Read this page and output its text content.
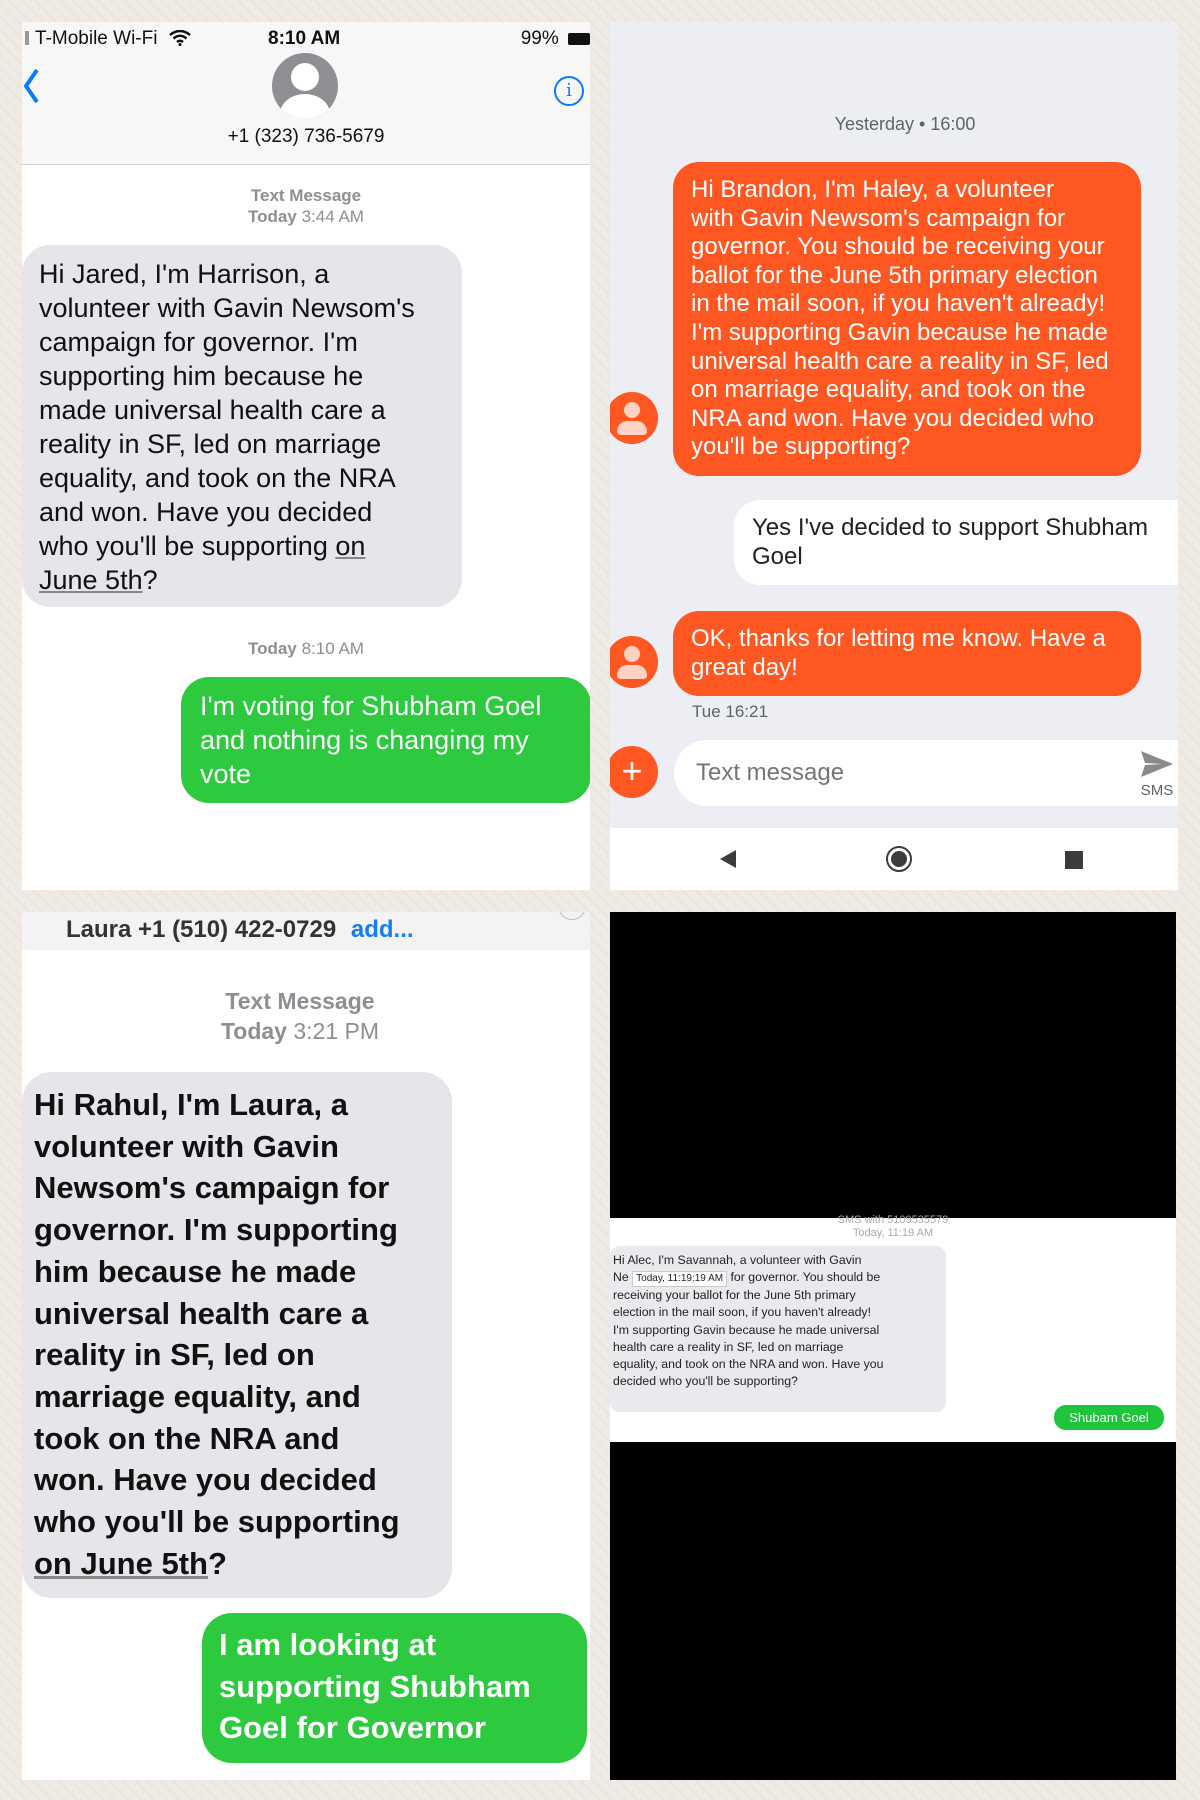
T-Mobile Wi-Fi	8:10 AM	99%
+1 (323) 736-5679
i
Text Message
Today 3:44 AM
Hi Jared, I'm Harrison, a
volunteer with Gavin Newsom's
campaign for governor. I'm
supporting him because he
made universal health care a
reality in SF, led on marriage
equality, and took on the NRA
and won. Have you decided
who you'll be supporting on
June 5th?
Today 8:10 AM
I'm voting for Shubham Goel
and nothing is changing my
vote
Yesterday • 16:00
Hi Brandon, I'm Haley, a volunteer
with Gavin Newsom's campaign for
governor. You should be receiving your
ballot for the June 5th primary election
in the mail soon, if you haven't already!
I'm supporting Gavin because he made
universal health care a reality in SF, led
on marriage equality, and took on the
NRA and won. Have you decided who
you'll be supporting?
Yes I've decided to support Shubham
Goel
OK, thanks for letting me know. Have a
great day!
Tue 16:21
+
Text message	SMS
Laura +1 (510) 422-0729 add...
Text Message
Today 3:21 PM
Hi Rahul, I'm Laura, a
volunteer with Gavin
Newsom's campaign for
governor. I'm supporting
him because he made
universal health care a
reality in SF, led on
marriage equality, and
took on the NRA and
won. Have you decided
who you'll be supporting
on June 5th?
I am looking at
supporting Shubham
Goel for Governor
SMS with 5109535579
Today, 11:19 AM
Hi Alec, I'm Savannah, a volunteer with Gavin
Ne Today, 11:19:19 AM for governor. You should be
receiving your ballot for the June 5th primary
election in the mail soon, if you haven't already!
I'm supporting Gavin because he made universal
health care a reality in SF, led on marriage
equality, and took on the NRA and won. Have you
decided who you'll be supporting?
Shubam Goel
